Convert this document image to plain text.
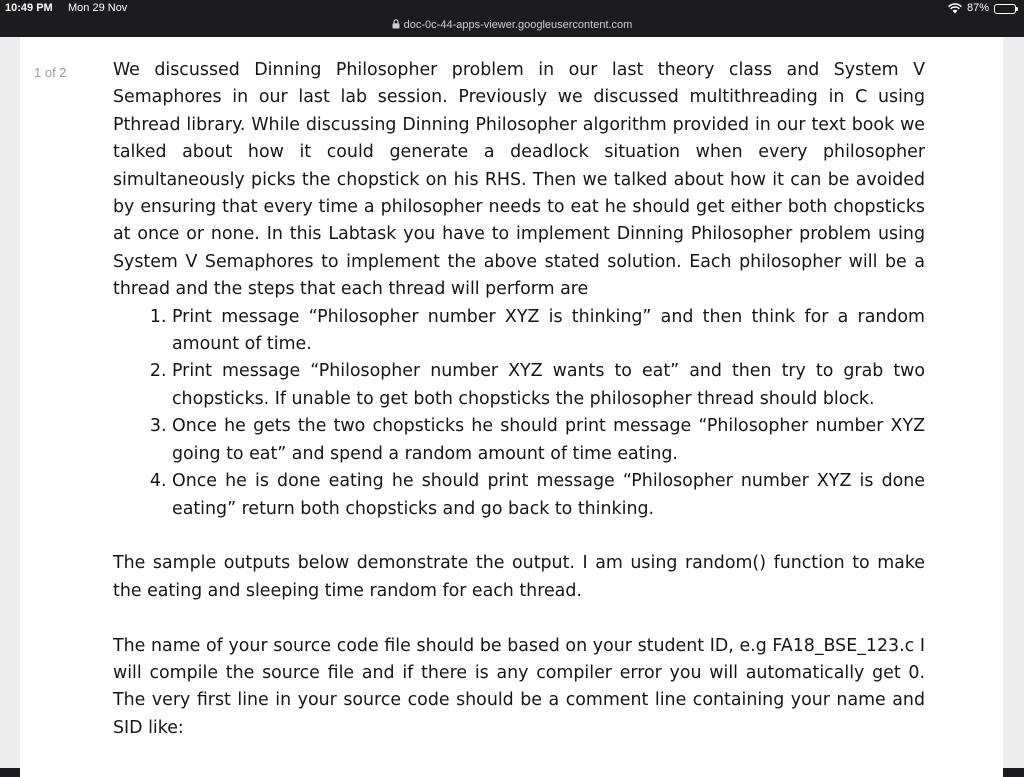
10:49 PM Mon 29 Nov	87%
doc-0c-44-apps-viewer.googleusercontent.com
1 of 2	We discussed Dinning Philosopher problem in our last theory class and System V Semaphores in our last lab session. Previously we discussed multithreading in C using Pthread library. While discussing Dinning Philosopher algorithm provided in our text book we talked about how it could generate a deadlock situation when every philosopher simultaneously picks the chopstick on his RHS. Then we talked about how it can be avoided by ensuring that every time a philosopher needs to eat he should get either both chopsticks at once or none. In this Labtask you have to implement Dinning Philosopher problem using System V Semaphores to implement the above stated solution. Each philosopher will be a thread and the steps that each thread will perform are

1. Print message “Philosopher number XYZ is thinking” and then think for a random amount of time.
2. Print message “Philosopher number XYZ wants to eat” and then try to grab two chopsticks. If unable to get both chopsticks the philosopher thread should block.
3. Once he gets the two chopsticks he should print message “Philosopher number XYZ going to eat” and spend a random amount of time eating.
4. Once he is done eating he should print message “Philosopher number XYZ is done eating” return both chopsticks and go back to thinking.

The sample outputs below demonstrate the output. I am using random() function to make the eating and sleeping time random for each thread.

The name of your source code file should be based on your student ID, e.g FA18_BSE_123.c I will compile the source file and if there is any compiler error you will automatically get 0. The very first line in your source code should be a comment line containing your name and SID like:
